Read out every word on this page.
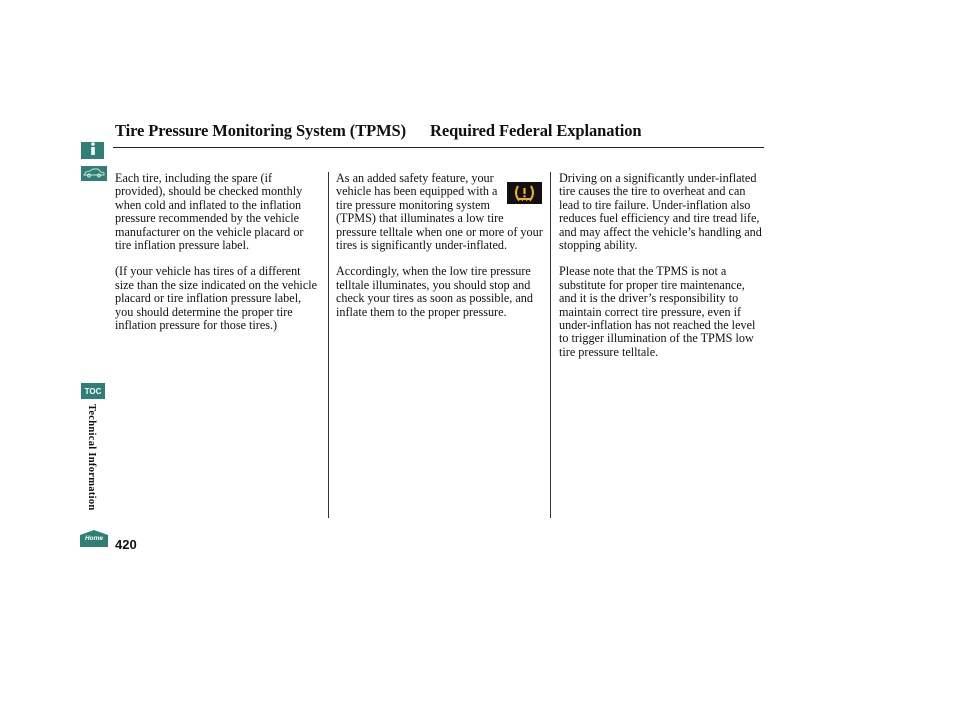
Tire Pressure Monitoring System (TPMS) Required Federal Explanation
TOC
Technical Information
Home

Each tire, including the spare (if provided), should be checked monthly when cold and inflated to the inflation pressure recommended by the vehicle manufacturer on the vehicle placard or tire inflation pressure label.

(If your vehicle has tires of a different size than the size indicated on the vehicle placard or tire inflation pressure label, you should determine the proper tire inflation pressure for those tires.)

As an added safety feature, your vehicle has been equipped with a tire pressure monitoring system (TPMS) that illuminates a low tire pressure telltale when one or more of your tires is significantly under-inflated.

Accordingly, when the low tire pressure telltale illuminates, you should stop and check your tires as soon as possible, and inflate them to the proper pressure.

Driving on a significantly under-inflated tire causes the tire to overheat and can lead to tire failure. Under-inflation also reduces fuel efficiency and tire tread life, and may affect the vehicle’s handling and stopping ability.

Please note that the TPMS is not a substitute for proper tire maintenance, and it is the driver’s responsibility to maintain correct tire pressure, even if under-inflation has not reached the level to trigger illumination of the TPMS low tire pressure telltale.

420
